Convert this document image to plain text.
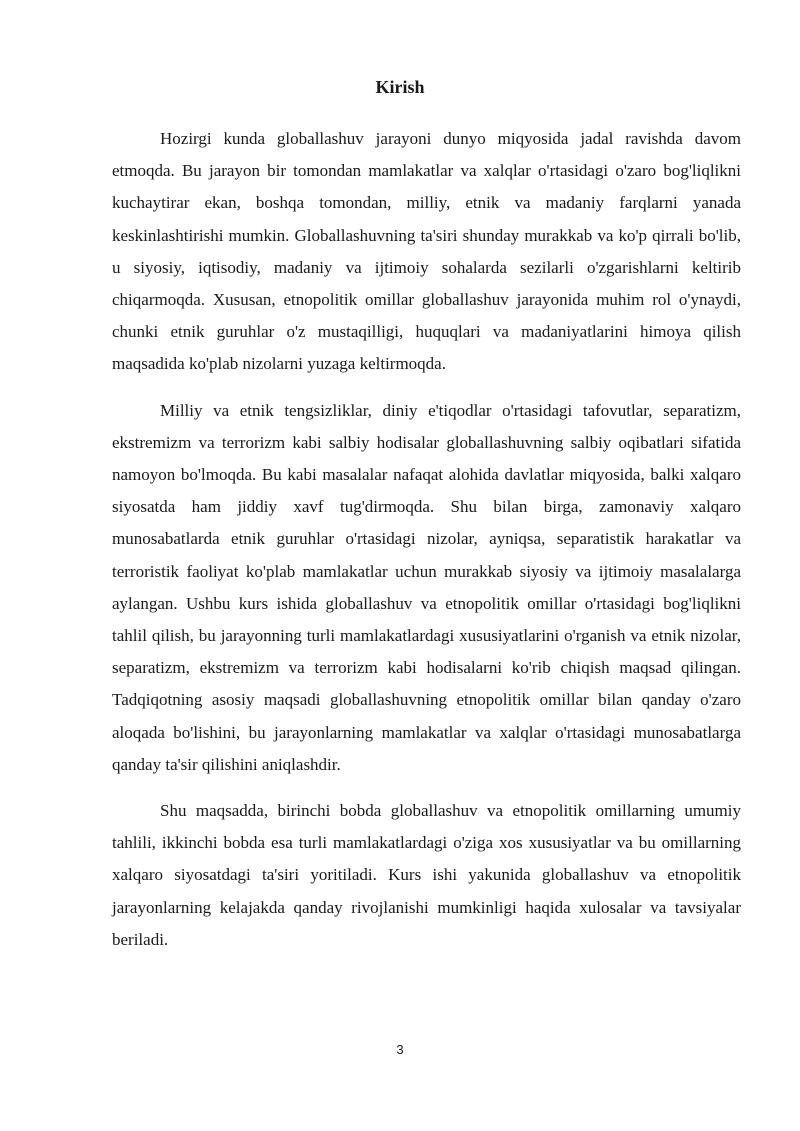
Kirish

Hozirgi kunda globallashuv jarayoni dunyo miqyosida jadal ravishda davom etmoqda. Bu jarayon bir tomondan mamlakatlar va xalqlar o'rtasidagi o'zaro bog'liqlikni kuchaytirar ekan, boshqa tomondan, milliy, etnik va madaniy farqlarni yanada keskinlashtirishi mumkin. Globallashuvning ta'siri shunday murakkab va ko'p qirrali bo'lib, u siyosiy, iqtisodiy, madaniy va ijtimoiy sohalarda sezilarli o'zgarishlarni keltirib chiqarmoqda. Xususan, etnopolitik omillar globallashuv jarayonida muhim rol o'ynaydi, chunki etnik guruhlar o'z mustaqilligi, huquqlari va madaniyatlarini himoya qilish maqsadida ko'plab nizolarni yuzaga keltirmoqda.

Milliy va etnik tengsizliklar, diniy e'tiqodlar o'rtasidagi tafovutlar, separatizm, ekstremizm va terrorizm kabi salbiy hodisalar globallashuvning salbiy oqibatlari sifatida namoyon bo'lmoqda. Bu kabi masalalar nafaqat alohida davlatlar miqyosida, balki xalqaro siyosatda ham jiddiy xavf tug'dirmoqda. Shu bilan birga, zamonaviy xalqaro munosabatlarda etnik guruhlar o'rtasidagi nizolar, ayniqsa, separatistik harakatlar va terroristik faoliyat ko'plab mamlakatlar uchun murakkab siyosiy va ijtimoiy masalalarga aylangan. Ushbu kurs ishida globallashuv va etnopolitik omillar o'rtasidagi bog'liqlikni tahlil qilish, bu jarayonning turli mamlakatlardagi xususiyatlarini o'rganish va etnik nizolar, separatizm, ekstremizm va terrorizm kabi hodisalarni ko'rib chiqish maqsad qilingan. Tadqiqotning asosiy maqsadi globallashuvning etnopolitik omillar bilan qanday o'zaro aloqada bo'lishini, bu jarayonlarning mamlakatlar va xalqlar o'rtasidagi munosabatlarga qanday ta'sir qilishini aniqlashdir.

Shu maqsadda, birinchi bobda globallashuv va etnopolitik omillarning umumiy tahlili, ikkinchi bobda esa turli mamlakatlardagi o'ziga xos xususiyatlar va bu omillarning xalqaro siyosatdagi ta'siri yoritiladi. Kurs ishi yakunida globallashuv va etnopolitik jarayonlarning kelajakda qanday rivojlanishi mumkinligi haqida xulosalar va tavsiyalar beriladi.

3
